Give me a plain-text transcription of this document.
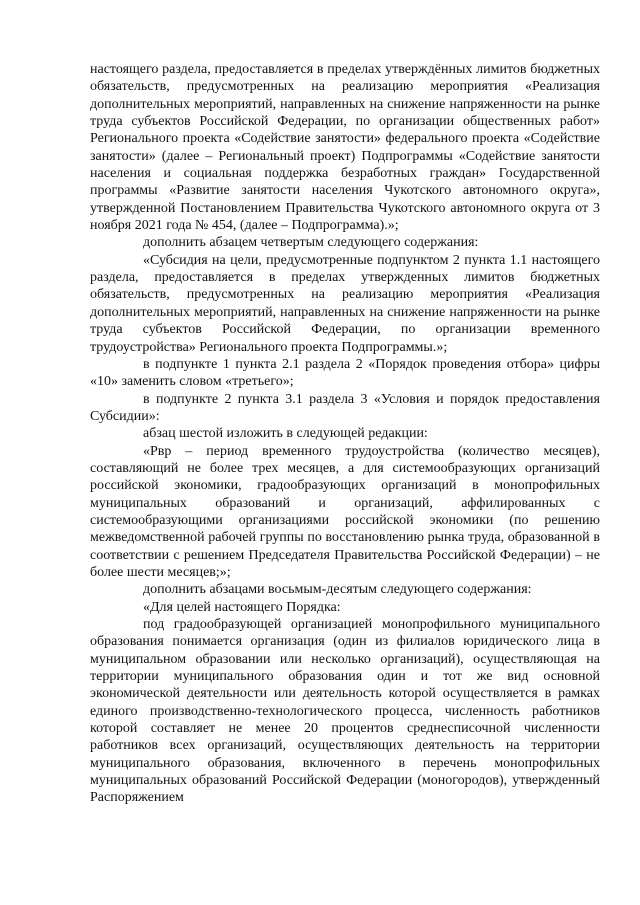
настоящего раздела, предоставляется в пределах утверждённых лимитов бюджетных обязательств, предусмотренных на реализацию мероприятия «Реализация дополнительных мероприятий, направленных на снижение напряженности на рынке труда субъектов Российской Федерации, по организации общественных работ» Регионального проекта «Содействие занятости» федерального проекта «Содействие занятости» (далее – Региональный проект) Подпрограммы «Содействие занятости населения и социальная поддержка безработных граждан» Государственной программы «Развитие занятости населения Чукотского автономного округа», утвержденной Постановлением Правительства Чукотского автономного округа от 3 ноября 2021 года № 454, (далее – Подпрограмма).»;

дополнить абзацем четвертым следующего содержания:

«Субсидия на цели, предусмотренные подпунктом 2 пункта 1.1 настоящего раздела, предоставляется в пределах утвержденных лимитов бюджетных обязательств, предусмотренных на реализацию мероприятия «Реализация дополнительных мероприятий, направленных на снижение напряженности на рынке труда субъектов Российской Федерации, по организации временного трудоустройства» Регионального проекта Подпрограммы.»;

в подпункте 1 пункта 2.1 раздела 2 «Порядок проведения отбора» цифры «10» заменить словом «третьего»;

в подпункте 2 пункта 3.1 раздела 3 «Условия и порядок предоставления Субсидии»:

абзац шестой изложить в следующей редакции:

«Рвр – период временного трудоустройства (количество месяцев), составляющий не более трех месяцев, а для системообразующих организаций российской экономики, градообразующих организаций в монопрофильных муниципальных образований и организаций, аффилированных с системообразующими организациями российской экономики (по решению межведомственной рабочей группы по восстановлению рынка труда, образованной в соответствии с решением Председателя Правительства Российской Федерации) – не более шести месяцев;»;

дополнить абзацами восьмым-десятым следующего содержания:

«Для целей настоящего Порядка:

под градообразующей организацией монопрофильного муниципального образования понимается организация (один из филиалов юридического лица в муниципальном образовании или несколько организаций), осуществляющая на территории муниципального образования один и тот же вид основной экономической деятельности или деятельность которой осуществляется в рамках единого производственно-технологического процесса, численность работников которой составляет не менее 20 процентов среднесписочной численности работников всех организаций, осуществляющих деятельность на территории муниципального образования, включенного в перечень монопрофильных муниципальных образований Российской Федерации (моногородов), утвержденный Распоряжением
